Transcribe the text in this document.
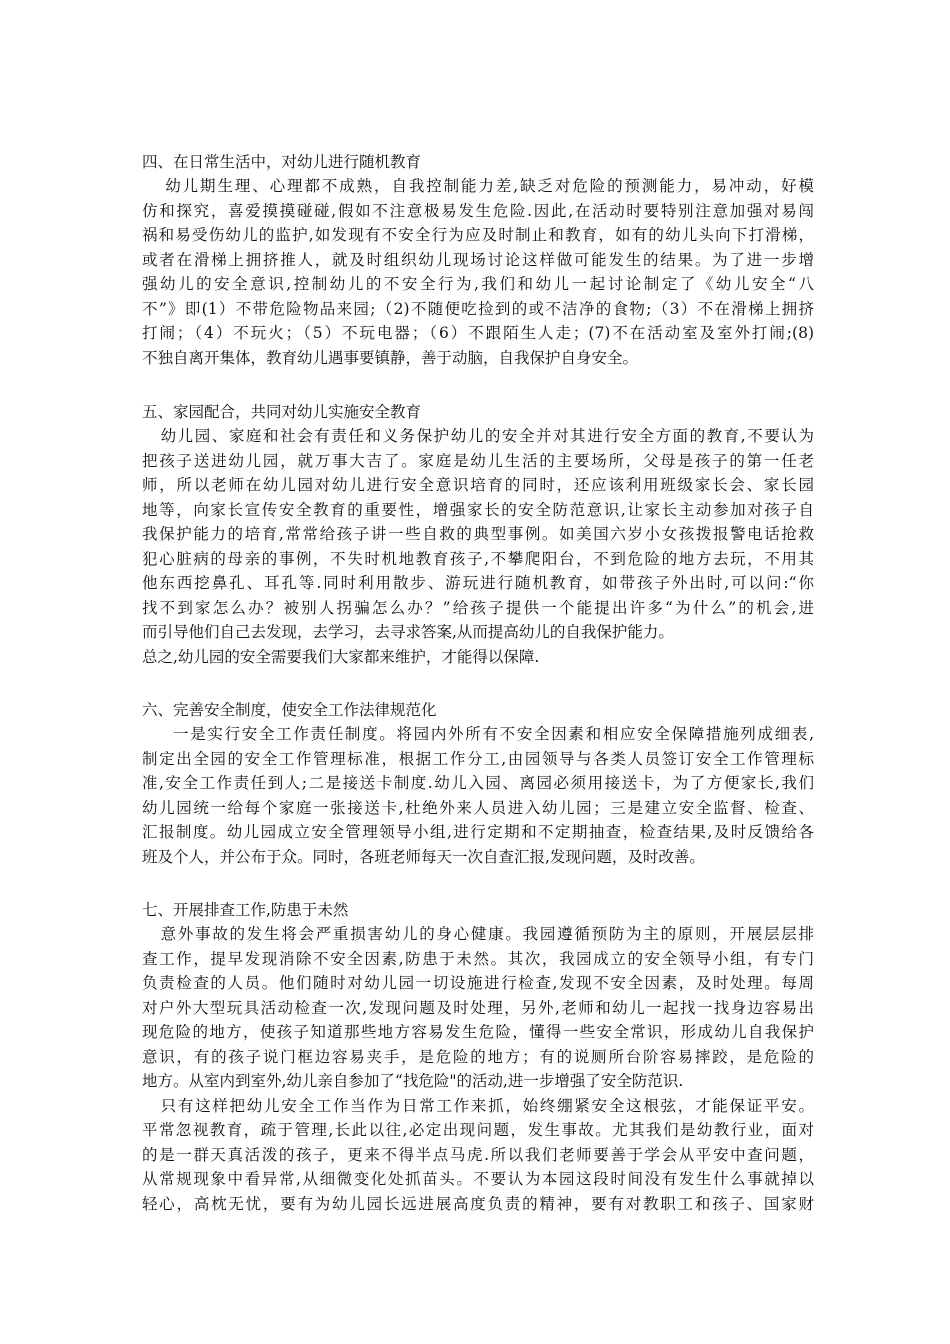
四、在日常生活中，对幼儿进行随机教育
幼儿期生理、心理都不成熟，自我控制能力差,缺乏对危险的预测能力，易冲动，好模
仿和探究，喜爱摸摸碰碰,假如不注意极易发生危险.因此,在活动时要特别注意加强对易闯
祸和易受伤幼儿的监护,如发现有不安全行为应及时制止和教育，如有的幼儿头向下打滑梯，
或者在滑梯上拥挤推人，就及时组织幼儿现场讨论这样做可能发生的结果。为了进一步增
强幼儿的安全意识,控制幼儿的不安全行为,我们和幼儿一起讨论制定了《幼儿安全“八
不”》即(1）不带危险物品来园;（2)不随便吃捡到的或不洁净的食物;（3）不在滑梯上拥挤
打闹；（4）不玩火；（5）不玩电器；（6）不跟陌生人走；(7)不在活动室及室外打闹;(8)
不独自离开集体，教育幼儿遇事要镇静，善于动脑，自我保护自身安全。
五、家园配合，共同对幼儿实施安全教育
幼儿园、家庭和社会有责任和义务保护幼儿的安全并对其进行安全方面的教育,不要认为
把孩子送进幼儿园，就万事大吉了。家庭是幼儿生活的主要场所，父母是孩子的第一任老
师，所以老师在幼儿园对幼儿进行安全意识培育的同时，还应该利用班级家长会、家长园
地等，向家长宣传安全教育的重要性，增强家长的安全防范意识,让家长主动参加对孩子自
我保护能力的培育,常常给孩子讲一些自救的典型事例。如美国六岁小女孩拨报警电话抢救
犯心脏病的母亲的事例，不失时机地教育孩子,不攀爬阳台，不到危险的地方去玩，不用其
他东西挖鼻孔、耳孔等.同时利用散步、游玩进行随机教育，如带孩子外出时,可以问:“你
找不到家怎么办？被别人拐骗怎么办？”给孩子提供一个能提出许多“为什么”的机会,进
而引导他们自己去发现，去学习，去寻求答案,从而提高幼儿的自我保护能力。
总之,幼儿园的安全需要我们大家都来维护，才能得以保障.
六、完善安全制度，使安全工作法律规范化
一是实行安全工作责任制度。将园内外所有不安全因素和相应安全保障措施列成细表,
制定出全园的安全工作管理标准，根据工作分工,由园领导与各类人员签订安全工作管理标
准,安全工作责任到人;二是接送卡制度.幼儿入园、离园必须用接送卡，为了方便家长,我们
幼儿园统一给每个家庭一张接送卡,杜绝外来人员进入幼儿园；三是建立安全监督、检查、
汇报制度。幼儿园成立安全管理领导小组,进行定期和不定期抽查，检查结果,及时反馈给各
班及个人，并公布于众。同时，各班老师每天一次自查汇报,发现问题，及时改善。
七、开展排查工作,防患于未然
意外事故的发生将会严重损害幼儿的身心健康。我园遵循预防为主的原则，开展层层排
查工作，提早发现消除不安全因素,防患于未然。其次，我园成立的安全领导小组，有专门
负责检查的人员。他们随时对幼儿园一切设施进行检查,发现不安全因素，及时处理。每周
对户外大型玩具活动检查一次,发现问题及时处理，另外,老师和幼儿一起找一找身边容易出
现危险的地方，使孩子知道那些地方容易发生危险，懂得一些安全常识，形成幼儿自我保护
意识，有的孩子说门框边容易夹手，是危险的地方；有的说厕所台阶容易摔跤，是危险的
地方。从室内到室外,幼儿亲自参加了“找危险"的活动,进一步增强了安全防范识.
只有这样把幼儿安全工作当作为日常工作来抓，始终绷紧安全这根弦，才能保证平安。
平常忽视教育，疏于管理,长此以往,必定出现问题，发生事故。尤其我们是幼教行业，面对
的是一群天真活泼的孩子，更来不得半点马虎.所以我们老师要善于学会从平安中查问题，
从常规现象中看异常,从细微变化处抓苗头。不要认为本园这段时间没有发生什么事就掉以
轻心，高枕无忧，要有为幼儿园长远进展高度负责的精神，要有对教职工和孩子、国家财
